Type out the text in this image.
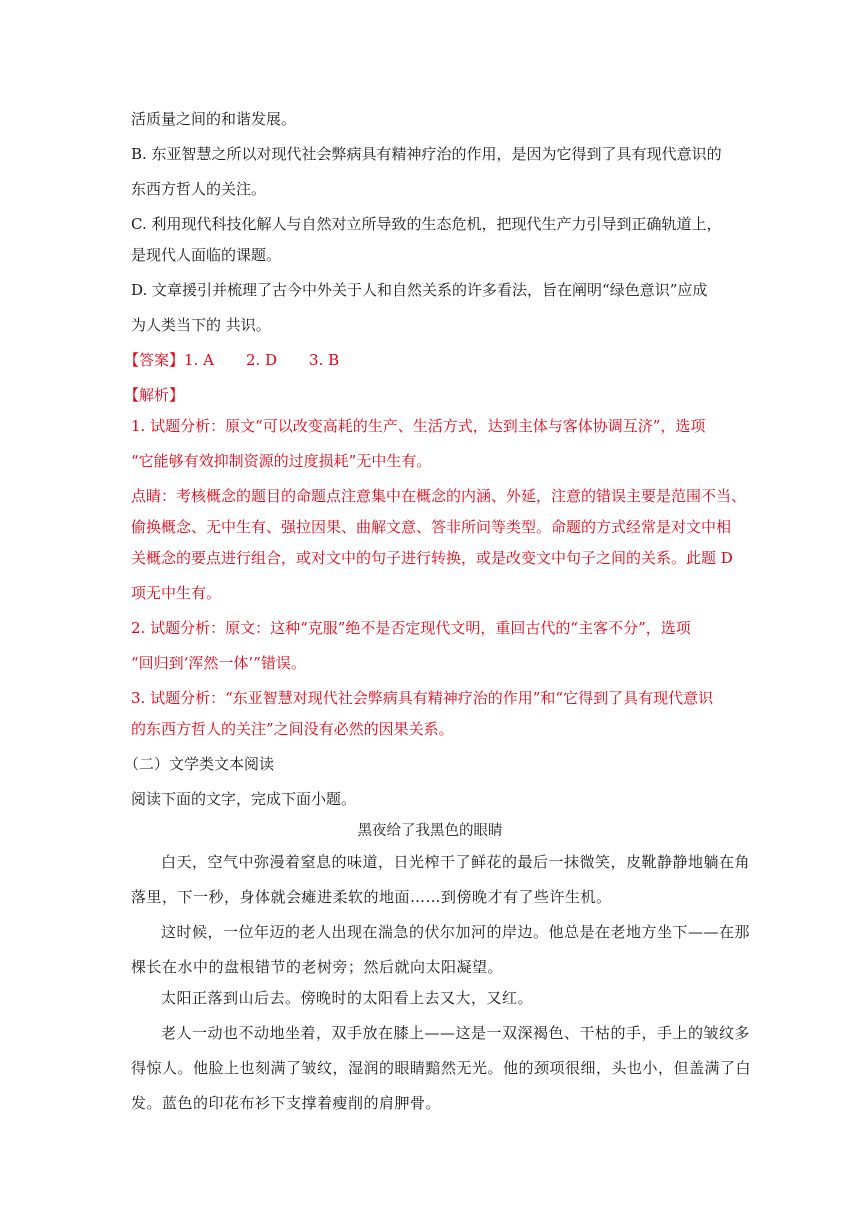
活质量之间的和谐发展。
B. 东亚智慧之所以对现代社会弊病具有精神疗治的作用，是因为它得到了具有现代意识的
东西方哲人的关注。
C. 利用现代科技化解人与自然对立所导致的生态危机，把现代生产力引导到正确轨道上，
是现代人面临的课题。
D. 文章援引并梳理了古今中外关于人和自然关系的许多看法，旨在阐明“绿色意识”应成
为人类当下的 共识。
【答案】1. A 2. D 3. B
【解析】
1. 试题分析：原文“可以改变高耗的生产、生活方式，达到主体与客体协调互济”，选项
“它能够有效抑制资源的过度损耗”无中生有。
点睛：考核概念的题目的命题点注意集中在概念的内涵、外延，注意的错误主要是范围不当、
偷换概念、无中生有、强拉因果、曲解文意、答非所问等类型。命题的方式经常是对文中相
关概念的要点进行组合，或对文中的句子进行转换，或是改变文中句子之间的关系。此题 D
项无中生有。
2. 试题分析：原文：这种“克服”绝不是否定现代文明，重回古代的“主客不分”，选项
“回归到‘浑然一体’”错误。
3. 试题分析：“东亚智慧对现代社会弊病具有精神疗治的作用”和“它得到了具有现代意识
的东西方哲人的关注”之间没有必然的因果关系。
（二）文学类文本阅读
阅读下面的文字，完成下面小题。
黑夜给了我黑色的眼睛
白天，空气中弥漫着窒息的味道，日光榨干了鲜花的最后一抹微笑，皮靴静静地躺在角
落里，下一秒，身体就会瘫进柔软的地面……到傍晚才有了些许生机。
这时候，一位年迈的老人出现在湍急的伏尔加河的岸边。他总是在老地方坐下——在那
棵长在水中的盘根错节的老树旁；然后就向太阳凝望。
太阳正落到山后去。傍晚时的太阳看上去又大，又红。
老人一动也不动地坐着，双手放在膝上——这是一双深褐色、干枯的手，手上的皱纹多
得惊人。他脸上也刻满了皱纹，湿润的眼睛黯然无光。他的颈项很细，头也小，但盖满了白
发。蓝色的印花布衫下支撑着瘦削的肩胛骨。
